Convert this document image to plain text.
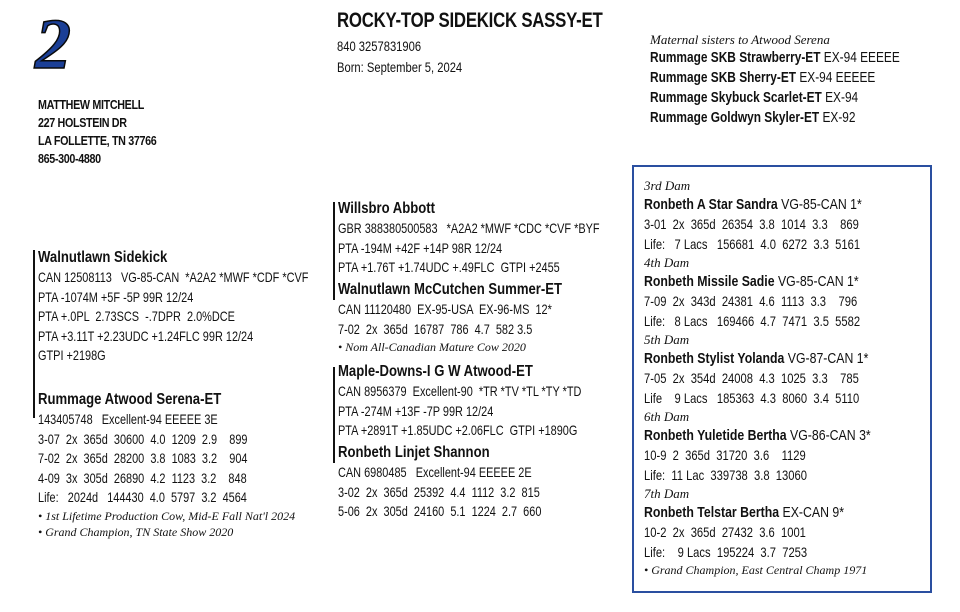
2
MATTHEW MITCHELL
227 HOLSTEIN DR
LA FOLLETTE, TN 37766
865-300-4880
ROCKY-TOP SIDEKICK SASSY-ET
840 3257831906
Born: September 5, 2024
Maternal sisters to Atwood Serena
Rummage SKB Strawberry-ET EX-94 EEEEE
Rummage SKB Sherry-ET EX-94 EEEEE
Rummage Skybuck Scarlet-ET EX-94
Rummage Goldwyn Skyler-ET EX-92
Walnutlawn Sidekick
CAN 12508113   VG-85-CAN  *A2A2 *MWF *CDF *CVF
PTA -1074M +5F -5P 99R 12/24
PTA +.0PL  2.73SCS  -.7DPR  2.0%DCE
PTA +3.11T +2.23UDC +1.24FLC 99R 12/24
GTPI +2198G
Rummage Atwood Serena-ET
143405748   Excellent-94 EEEEE 3E
3-07  2x  365d  30600  4.0  1209  2.9    899
7-02  2x  365d  28200  3.8  1083  3.2    904
4-09  3x  305d  26890  4.2  1123  3.2    848
Life:   2024d   144430  4.0  5797  3.2  4564
• 1st Lifetime Production Cow, Mid-E Fall Nat'l 2024
• Grand Champion, TN State Show 2020
Willsbro Abbott
GBR 388380500583   *A2A2 *MWF *CDC *CVF *BYF
PTA -194M +42F +14P 98R 12/24
PTA +1.76T +1.74UDC +.49FLC  GTPI +2455
Walnutlawn McCutchen Summer-ET
CAN 11120480  EX-95-USA  EX-96-MS  12*
7-02  2x  365d  16787  786  4.7  582 3.5
• Nom All-Canadian Mature Cow 2020
Maple-Downs-I G W Atwood-ET
CAN 8956379  Excellent-90  *TR *TV *TL *TY *TD
PTA -274M +13F -7P 99R 12/24
PTA +2891T +1.85UDC +2.06FLC  GTPI +1890G
Ronbeth Linjet Shannon
CAN 6980485   Excellent-94 EEEEE 2E
3-02  2x  365d  25392  4.4  1112  3.2  815
5-06  2x  305d  24160  5.1  1224  2.7  660
3rd Dam
Ronbeth A Star Sandra VG-85-CAN 1*
3-01  2x  365d  26354  3.8  1014  3.3    869
Life:   7 Lacs   156681  4.0  6272  3.3  5161
4th Dam
Ronbeth Missile Sadie VG-85-CAN 1*
7-09  2x  343d  24381  4.6  1113  3.3    796
Life:   8 Lacs   169466  4.7  7471  3.5  5582
5th Dam
Ronbeth Stylist Yolanda VG-87-CAN 1*
7-05  2x  354d  24008  4.3  1025  3.3    785
Life    9 Lacs   185363  4.3  8060  3.4  5110
6th Dam
Ronbeth Yuletide Bertha VG-86-CAN 3*
10-9  2  365d  31720  3.6    1129
Life:  11 Lac  339738  3.8  13060
7th Dam
Ronbeth Telstar Bertha EX-CAN 9*
10-2  2x  365d  27432  3.6  1001
Life:    9 Lacs  195224  3.7  7253
• Grand Champion, East Central Champ 1971
